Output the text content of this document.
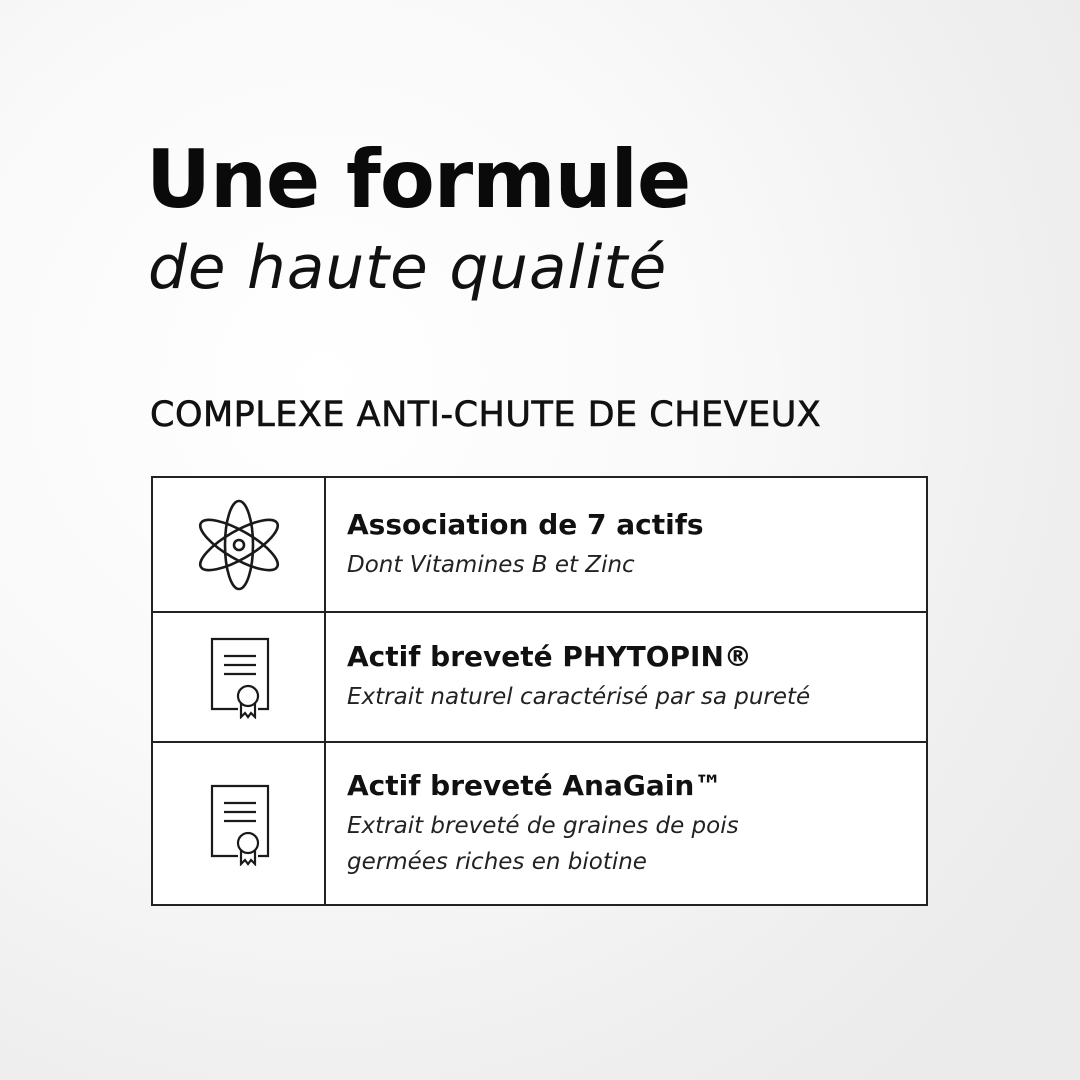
Une formule
de haute qualité
COMPLEXE ANTI-CHUTE DE CHEVEUX
Association de 7 actifs
Dont Vitamines B et Zinc
Actif breveté PHYTOPIN®
Extrait naturel caractérisé par sa pureté
Actif breveté AnaGain™
Extrait breveté de graines de pois
germées riches en biotine
